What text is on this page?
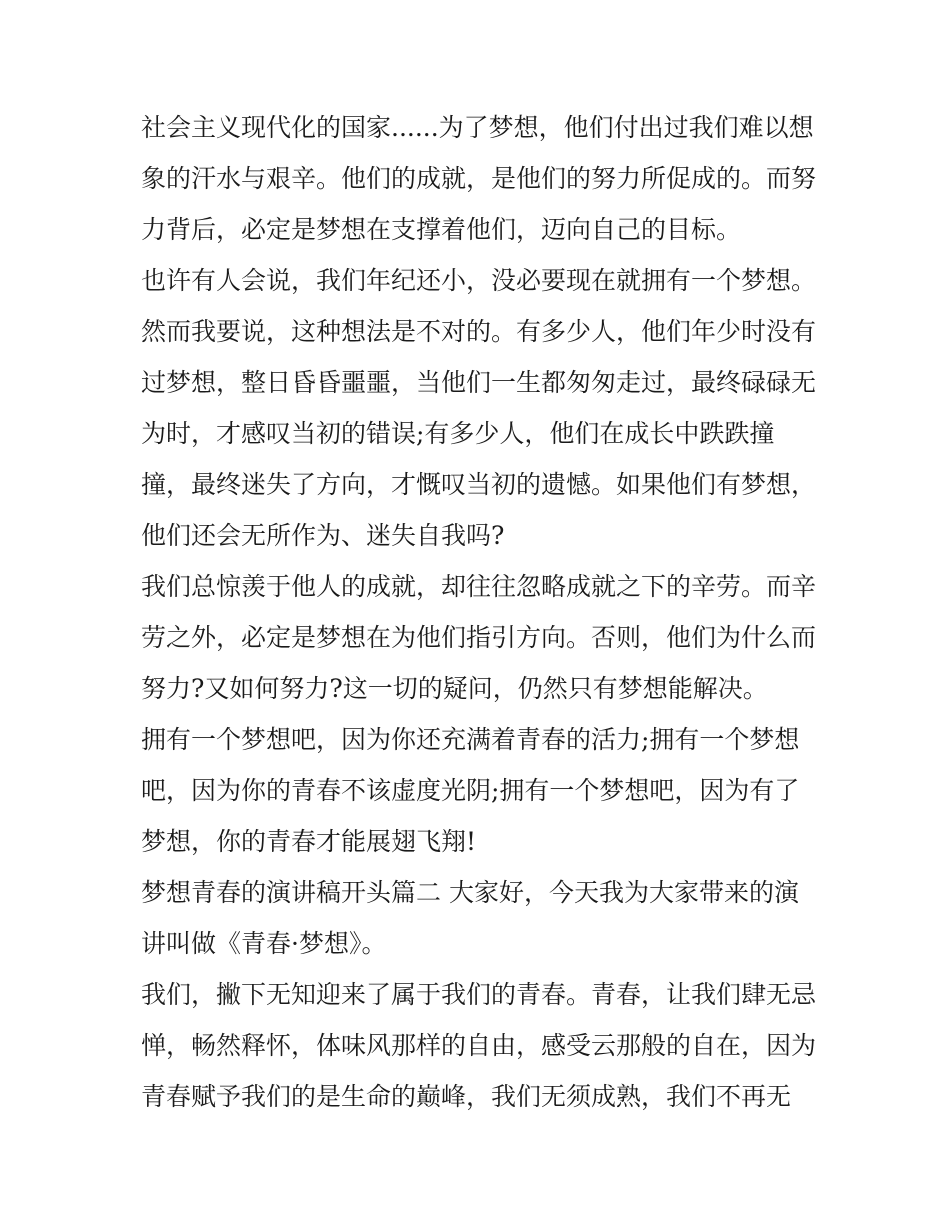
社会主义现代化的国家......为了梦想，他们付出过我们难以想
象的汗水与艰辛。他们的成就，是他们的努力所促成的。而努
力背后，必定是梦想在支撑着他们，迈向自己的目标。
也许有人会说，我们年纪还小，没必要现在就拥有一个梦想。
然而我要说，这种想法是不对的。有多少人，他们年少时没有
过梦想，整日昏昏噩噩，当他们一生都匆匆走过，最终碌碌无
为时，才感叹当初的错误;有多少人，他们在成长中跌跌撞
撞，最终迷失了方向，才慨叹当初的遗憾。如果他们有梦想，
他们还会无所作为、迷失自我吗?
我们总惊羡于他人的成就，却往往忽略成就之下的辛劳。而辛
劳之外，必定是梦想在为他们指引方向。否则，他们为什么而
努力?又如何努力?这一切的疑问，仍然只有梦想能解决。
拥有一个梦想吧，因为你还充满着青春的活力;拥有一个梦想
吧，因为你的青春不该虚度光阴;拥有一个梦想吧，因为有了
梦想，你的青春才能展翅飞翔!
梦想青春的演讲稿开头篇二 大家好，今天我为大家带来的演
讲叫做《青春·梦想》。
我们，撇下无知迎来了属于我们的青春。青春，让我们肆无忌
惮，畅然释怀，体味风那样的自由，感受云那般的自在，因为
青春赋予我们的是生命的巅峰，我们无须成熟，我们不再无
